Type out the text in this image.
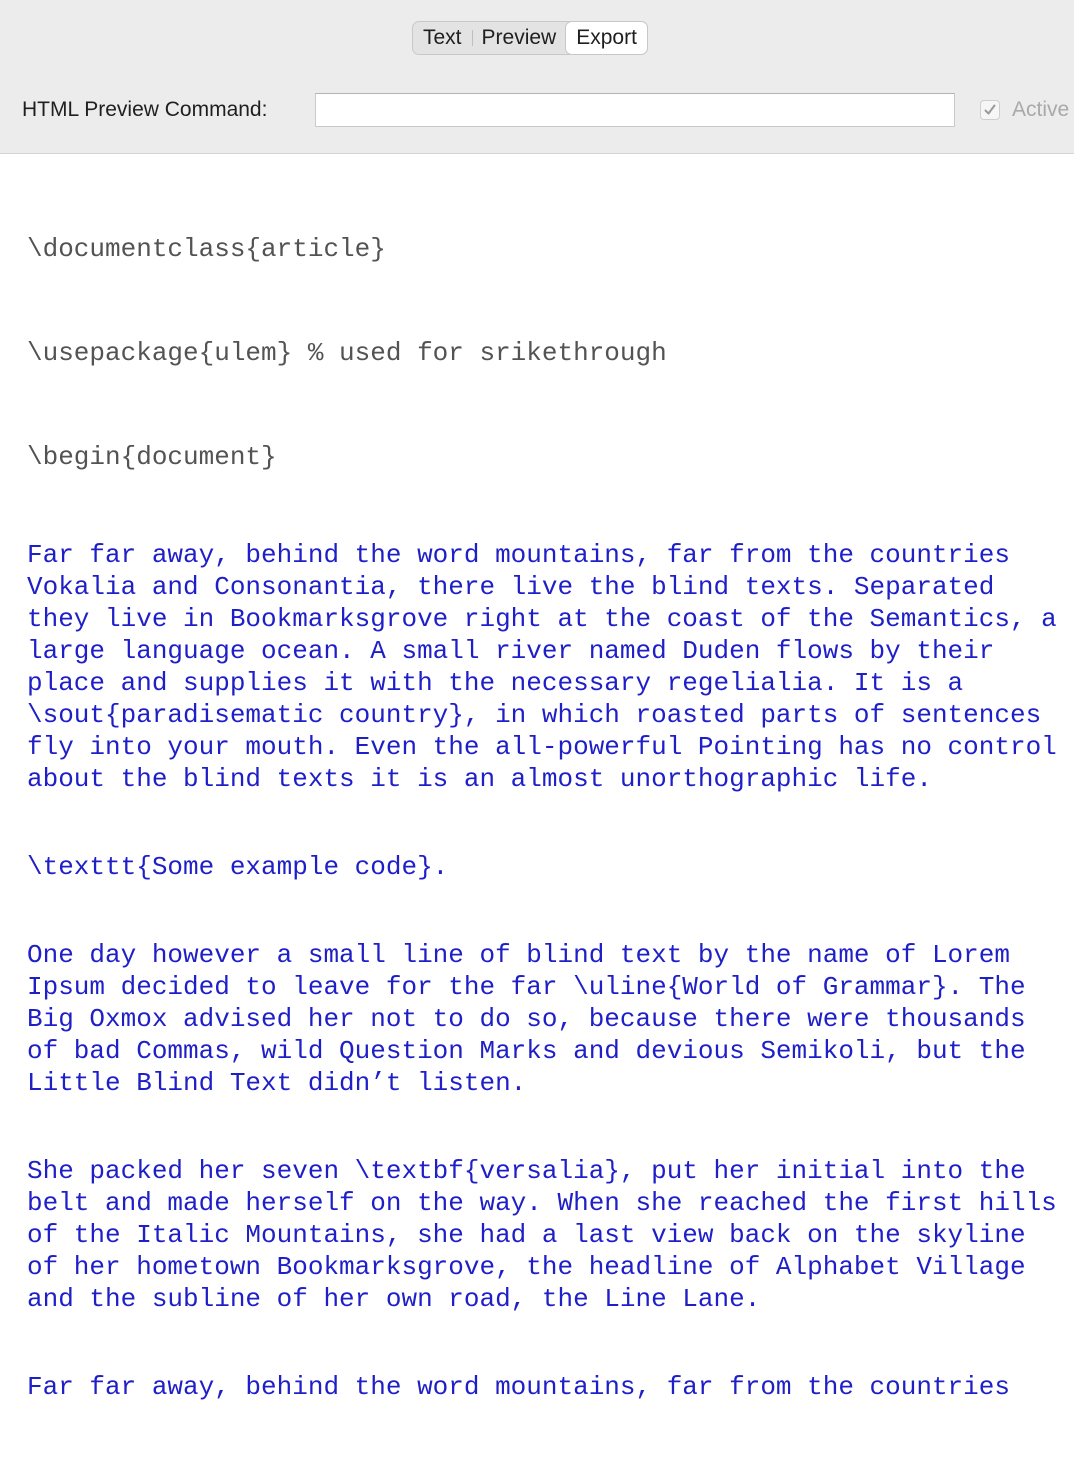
Text Preview Export
HTML Preview Command:	Active

\documentclass{article}

\usepackage{ulem} % used for srikethrough

\begin{document}

Far far away, behind the word mountains, far from the countries
Vokalia and Consonantia, there live the blind texts. Separated
they live in Bookmarksgrove right at the coast of the Semantics, a
large language ocean. A small river named Duden flows by their
place and supplies it with the necessary regelialia. It is a
\sout{paradisematic country}, in which roasted parts of sentences
fly into your mouth. Even the all-powerful Pointing has no control
about the blind texts it is an almost unorthographic life.
\texttt{Some example code}.
One day however a small line of blind text by the name of Lorem
Ipsum decided to leave for the far \uline{World of Grammar}. The
Big Oxmox advised her not to do so, because there were thousands
of bad Commas, wild Question Marks and devious Semikoli, but the
Little Blind Text didn’t listen.
She packed her seven \textbf{versalia}, put her initial into the
belt and made herself on the way. When she reached the first hills
of the Italic Mountains, she had a last view back on the skyline
of her hometown Bookmarksgrove, the headline of Alphabet Village
and the subline of her own road, the Line Lane.
Far far away, behind the word mountains, far from the countries
